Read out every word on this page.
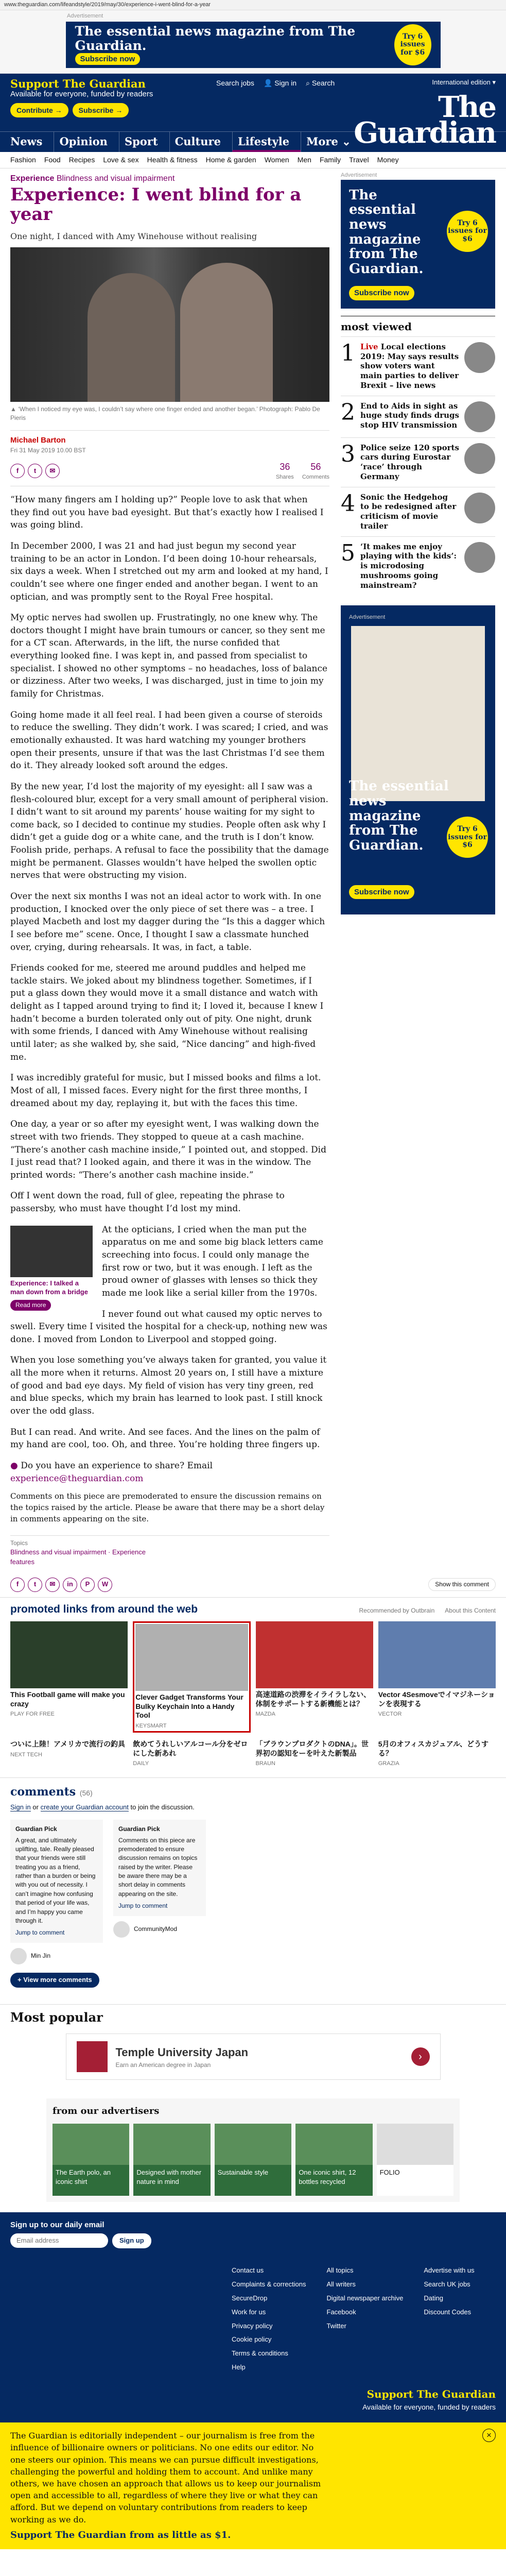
www.theguardian.com/lifeandstyle/2019/may/30/experience-i-went-blind-for-a-year
Advertisement
The essential news magazine from The Guardian.
Subscribe now
Try 6 issues for $6
Support The Guardian

Available for everyone, funded by readers

Contribute →	Subscribe →
Search jobs 👤 Sign in ⌕ Search	International edition ▾
The
Guardian
News	Opinion	Sport	Culture	Lifestyle	More ⌄
Fashion Food Recipes Love & sex Health & fitness Home & garden Women Men Family Travel Money
Experience Blindness and visual impairment
Experience: I went blind for a year

One night, I danced with Amy Winehouse without realising

▲ ‘When I noticed my eye was, I couldn’t say where one finger ended and another began.’ Photograph: Pablo De Pieris
Michael Barton
Fri 31 May 2019 10.00 BST
f	t	✉	36
Shares
56
Comments

“How many fingers am I holding up?” People love to ask that when they find out you have bad eyesight. But that’s exactly how I realised I was going blind.

In December 2000, I was 21 and had just begun my second year training to be an actor in London. I’d been doing 10-hour rehearsals, six days a week. When I stretched out my arm and looked at my hand, I couldn’t see where one finger ended and another began. I went to an optician, and was promptly sent to the Royal Free hospital.

My optic nerves had swollen up. Frustratingly, no one knew why. The doctors thought I might have brain tumours or cancer, so they sent me for a CT scan. Afterwards, in the lift, the nurse confided that everything looked fine. I was kept in, and passed from specialist to specialist. I showed no other symptoms – no headaches, loss of balance or dizziness. After two weeks, I was discharged, just in time to join my family for Christmas.

Going home made it all feel real. I had been given a course of steroids to reduce the swelling. They didn’t work. I was scared; I cried, and was emotionally exhausted. It was hard watching my younger brothers open their presents, unsure if that was the last Christmas I’d see them do it. They already looked soft around the edges.

By the new year, I’d lost the majority of my eyesight: all I saw was a flesh-coloured blur, except for a very small amount of peripheral vision. I didn’t want to sit around my parents’ house waiting for my sight to come back, so I decided to continue my studies. People often ask why I didn’t get a guide dog or a white cane, and the truth is I don’t know. Foolish pride, perhaps. A refusal to face the possibility that the damage might be permanent. Glasses wouldn’t have helped the swollen optic nerves that were obstructing my vision.

Over the next six months I was not an ideal actor to work with. In one production, I knocked over the only piece of set there was – a tree. I played Macbeth and lost my dagger during the “Is this a dagger which I see before me” scene. Once, I thought I saw a classmate hunched over, crying, during rehearsals. It was, in fact, a table.

Friends cooked for me, steered me around puddles and helped me tackle stairs. We joked about my blindness together. Sometimes, if I put a glass down they would move it a small distance and watch with delight as I tapped around trying to find it; I loved it, because I knew I hadn’t become a burden tolerated only out of pity. One night, drunk with some friends, I danced with Amy Winehouse without realising until later; as she walked by, she said, “Nice dancing” and high-fived me.

I was incredibly grateful for music, but I missed books and films a lot. Most of all, I missed faces. Every night for the first three months, I dreamed about my day, replaying it, but with the faces this time.

One day, a year or so after my eyesight went, I was walking down the street with two friends. They stopped to queue at a cash machine. “There’s another cash machine inside,” I pointed out, and stopped. Did I just read that? I looked again, and there it was in the window. The printed words: “There’s another cash machine inside.”

Off I went down the road, full of glee, repeating the phrase to passersby, who must have thought I’d lost my mind.

Experience: I talked a man down from a bridge
Read more

At the opticians, I cried when the man put the apparatus on me and some big black letters came screeching into focus. I could only manage the first row or two, but it was enough. I left as the proud owner of glasses with lenses so thick they made me look like a serial killer from the 1970s.

I never found out what caused my optic nerves to swell. Every time I visited the hospital for a check-up, nothing new was done. I moved from London to Liverpool and stopped going.

When you lose something you’ve always taken for granted, you value it all the more when it returns. Almost 20 years on, I still have a mixture of good and bad eye days. My field of vision has very tiny green, red and blue specks, which my brain has learned to look past. I still knock over the odd glass.

But I can read. And write. And see faces. And the lines on the palm of my hand are cool, too. Oh, and three. You’re holding three fingers up.

● Do you have an experience to share? Email experience@theguardian.com

Comments on this piece are premoderated to ensure the discussion remains on the topics raised by the article. Please be aware that there may be a short delay in comments appearing on the site.

Topics
Blindness and visual impairment · Experience
features
Advertisement
The essential news magazine from The Guardian.
Try 6 issues for $6
Subscribe now
most viewed
1 Live Local elections 2019: May says results show voters want main parties to deliver Brexit – live news
2 End to Aids in sight as huge study finds drugs stop HIV transmission
3 Police seize 120 sports cars during Eurostar ‘race’ through Germany
4 Sonic the Hedgehog to be redesigned after criticism of movie trailer
5 ‘It makes me enjoy playing with the kids’: is microdosing mushrooms going mainstream?
Advertisement
The essential news magazine from The Guardian.
Try 6 issues for $6
Subscribe now
f	t	✉	in	P	W	Show this comment
promoted links from around the web	Recommended by Outbrain About this Content
This Football game will make you crazy
PLAY FOR FREE
Clever Gadget Transforms Your Bulky Keychain Into a Handy Tool
KEYSMART
高速道路の渋滞をイライラしない、体制をサポートする新機能とは？
MAZDA
Vector 4Sesmoveでイマジネーションを表現する
VECTOR
ついに上陸！アメリカで流行の釣具
NEXT TECH
飲めてうれしいアルコール分をゼロにした新あれ
DAILY
「ブラウンプロダクトのDNA」。世界初の認知をーを叶えた新製品
BRAUN
5月のオフィスカジュアル、どうする？
GRAZIA
comments (56)

Sign in or create your Guardian account to join the discussion.

Guardian Pick
A great, and ultimately uplifting, tale. Really pleased that your friends were still treating you as a friend, rather than a burden or being with you out of necessity. I can’t imagine how confusing that period of your life was, and I’m happy you came through it.
Jump to comment
Min Jin
Guardian Pick
Comments on this piece are premoderated to ensure discussion remains on topics raised by the writer. Please be aware there may be a short delay in comments appearing on the site.
Jump to comment
CommunityMod
+ View more comments
Most popular
Temple University Japan
Earn an American degree in Japan
›
from our advertisers
The Earth polo, an iconic shirt
Designed with mother nature in mind
Sustainable style	One iconic shirt, 12 bottles recycled
FOLIO
Sign up to our daily email
Email address	Sign up
Contact us
Complaints & corrections
SecureDrop
Work for us
Privacy policy
Cookie policy
Terms & conditions
Help
All topics
All writers
Digital newspaper archive
Facebook
Twitter
Advertise with us
Search UK jobs
Dating
Discount Codes
Support The Guardian

Available for everyone, funded by readers

×

The Guardian is editorially independent – our journalism is free from the influence of billionaire owners or politicians. No one edits our editor. No one steers our opinion. This means we can pursue difficult investigations, challenging the powerful and holding them to account. And unlike many others, we have chosen an approach that allows us to keep our journalism open and accessible to all, regardless of where they live or what they can afford. But we depend on voluntary contributions from readers to keep working as we do.

Support The Guardian from as little as $1.
